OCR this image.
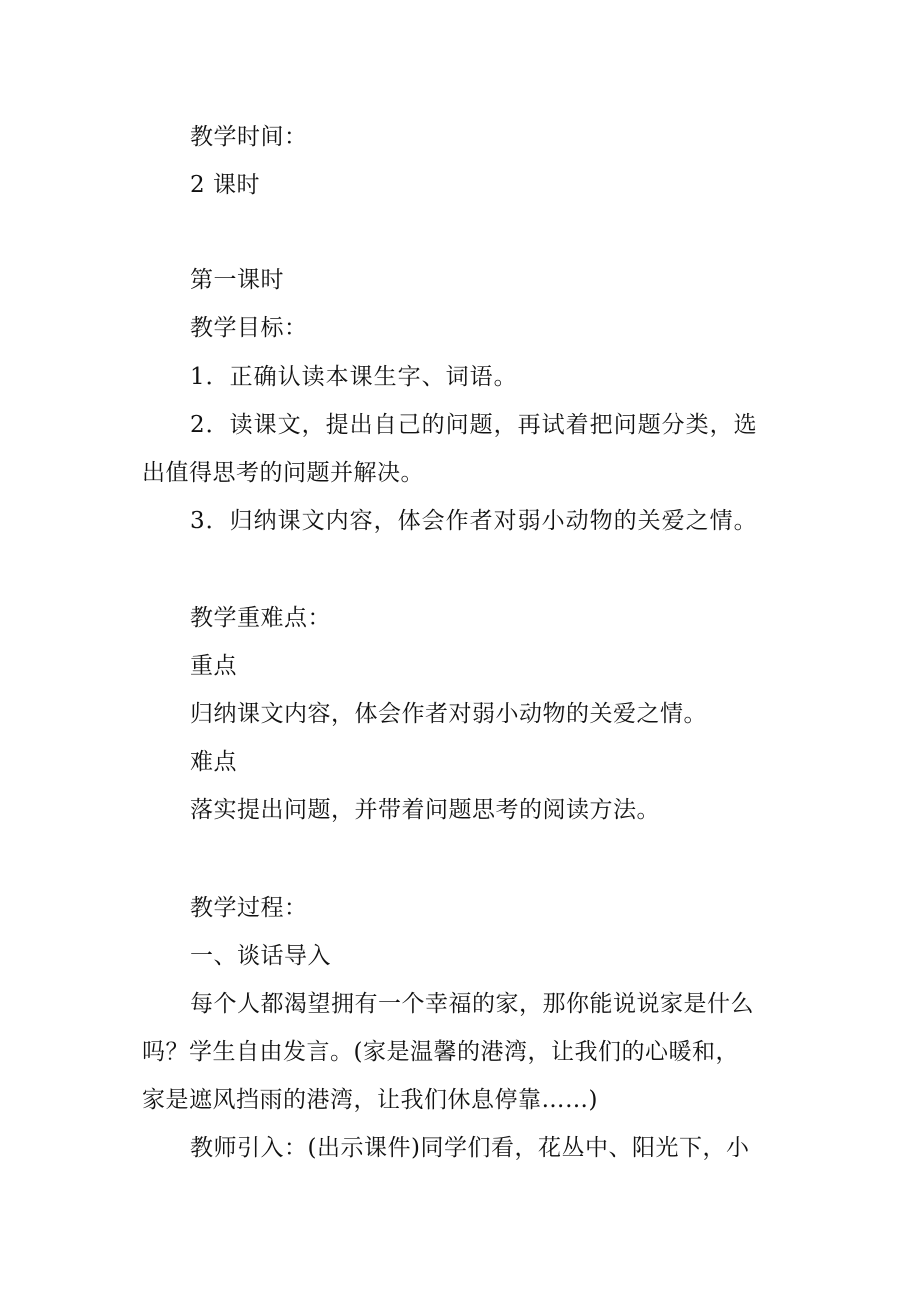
教学时间：
2 课时
第一课时
教学目标：
1．正确认读本课生字、词语。
2．读课文，提出自己的问题，再试着把问题分类，选
出值得思考的问题并解决。
3．归纳课文内容，体会作者对弱小动物的关爱之情。
教学重难点：
重点
归纳课文内容，体会作者对弱小动物的关爱之情。
难点
落实提出问题，并带着问题思考的阅读方法。
教学过程：
一、谈话导入
每个人都渴望拥有一个幸福的家，那你能说说家是什么
吗？学生自由发言。(家是温馨的港湾，让我们的心暖和，
家是遮风挡雨的港湾，让我们休息停靠……)
教师引入：(出示课件)同学们看，花丛中、阳光下，小
